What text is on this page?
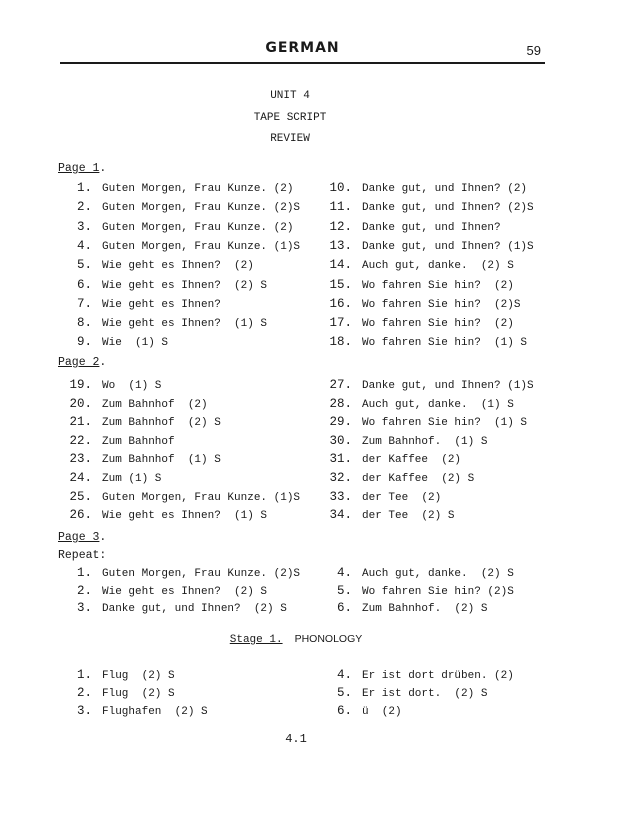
GERMAN	59
UNIT 4
TAPE SCRIPT
REVIEW
Page 1.
1. Guten Morgen, Frau Kunze. (2)
2. Guten Morgen, Frau Kunze. (2)S
3. Guten Morgen, Frau Kunze. (2)
4. Guten Morgen, Frau Kunze. (1)S
5. Wie geht es Ihnen?  (2)
6. Wie geht es Ihnen?  (2) S
7. Wie geht es Ihnen?
8. Wie geht es Ihnen?  (1) S
9. Wie  (1) S
10. Danke gut, und Ihnen? (2)
11. Danke gut, und Ihnen? (2)S
12. Danke gut, und Ihnen?
13. Danke gut, und Ihnen? (1)S
14. Auch gut, danke.  (2) S
15. Wo fahren Sie hin?  (2)
16. Wo fahren Sie hin?  (2)S
17. Wo fahren Sie hin?  (2)
18. Wo fahren Sie hin?  (1) S
Page 2.
19. Wo  (1) S
20. Zum Bahnhof  (2)
21. Zum Bahnhof  (2) S
22. Zum Bahnhof
23. Zum Bahnhof  (1) S
24. Zum (1) S
25. Guten Morgen, Frau Kunze. (1)S
26. Wie geht es Ihnen?  (1) S
27. Danke gut, und Ihnen? (1)S
28. Auch gut, danke.  (1) S
29. Wo fahren Sie hin?  (1) S
30. Zum Bahnhof.  (1) S
31. der Kaffee  (2)
32. der Kaffee  (2) S
33. der Tee  (2)
34. der Tee  (2) S
Page 3.
Repeat:
1. Guten Morgen, Frau Kunze. (2)S
2. Wie geht es Ihnen?  (2) S
3. Danke gut, und Ihnen?  (2) S
4. Auch gut, danke.  (2) S
5. Wo fahren Sie hin? (2)S
6. Zum Bahnhof.  (2) S
Stage 1. PHONOLOGY
1. Flug  (2) S
2. Flug  (2) S
3. Flughafen  (2) S
4. Er ist dort drüben. (2)
5. Er ist dort.  (2) S
6. ü  (2)
4.1
